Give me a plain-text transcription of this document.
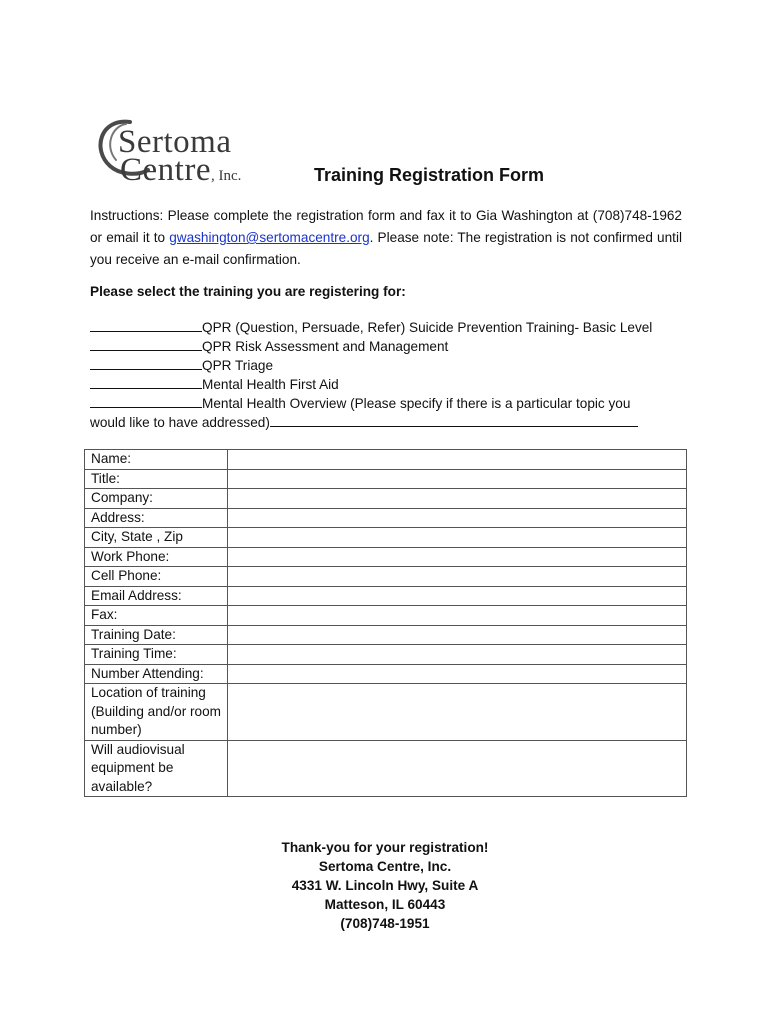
Sertoma
Centre, Inc.	Training Registration Form
Instructions: Please complete the registration form and fax it to Gia Washington at (708)748-1962 or email it to gwashington@sertomacentre.org. Please note: The registration is not confirmed until you receive an e-mail confirmation.
Please select the training you are registering for:
QPR (Question, Persuade, Refer) Suicide Prevention Training- Basic Level
QPR Risk Assessment and Management
QPR Triage
Mental Health First Aid
Mental Health Overview (Please specify if there is a particular topic you
would like to have addressed)
Name:	
Title:	
Company:	
Address:	
City, State , Zip	
Work Phone:	
Cell Phone:	
Email Address:	
Fax:	
Training Date:	
Training Time:	
Number Attending:	
Location of training (Building and/or room number)	
Will audiovisual equipment be available?	
Thank-you for your registration!
Sertoma Centre, Inc.
4331 W. Lincoln Hwy, Suite A
Matteson, IL 60443
(708)748-1951
